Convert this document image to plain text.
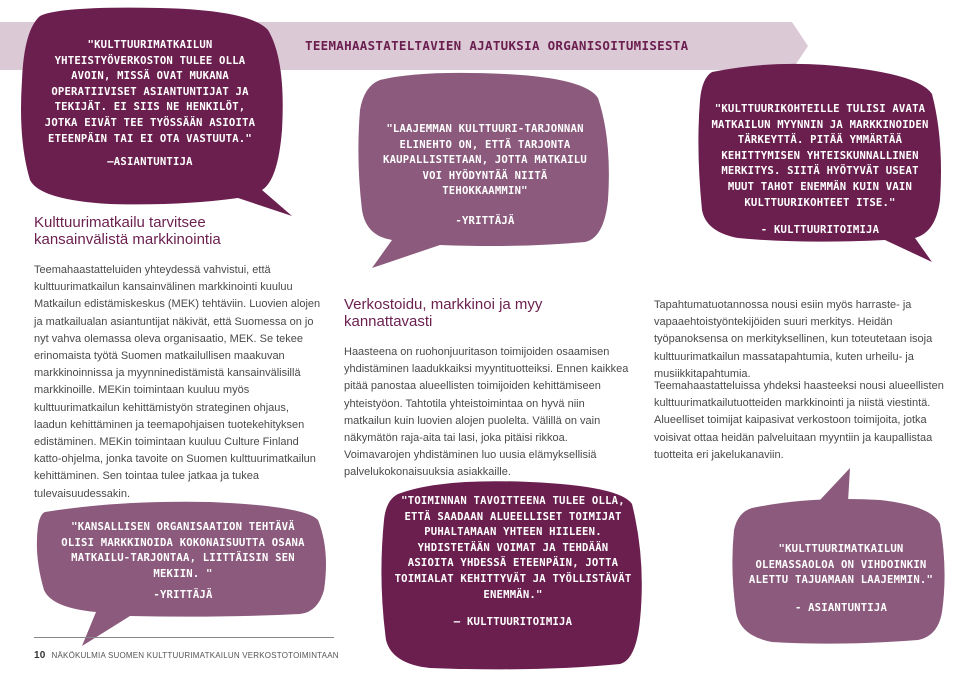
TEEMAHAASTATELTAVIEN AJATUKSIA ORGANISOITUMISESTA
"KULTTUURIMATKAILUN YHTEISTYÖVERKOSTON TULEE OLLA AVOIN, MISSÄ OVAT MUKANA OPERATIIVISET ASIANTUNTIJAT JA TEKIJÄT. EI SIIS NE HENKILÖT, JOTKA EIVÄT TEE TYÖSSÄÄN ASIOITA ETEENPÄIN TAI EI OTA VASTUUTA."
–ASIANTUNTIJA
"LAAJEMMAN KULTTUURI-TARJONNAN ELINEHTO ON, ETTÄ TARJONTA KAUPALLISTETAAN, JOTTA MATKAILU VOI HYÖDYNTÄÄ NIITÄ TEHOKKAAMMIN"
-YRITTÄJÄ
"KULTTUURIKOHTEILLE TULISI AVATA MATKAILUN MYYNNIN JA MARKKINOIDEN TÄRKEYTTÄ. PITÄÄ YMMÄRTÄÄ KEHITTYMISEN YHTEISKUNNALLINEN MERKITYS. SIITÄ HYÖTYVÄT USEAT MUUT TAHOT ENEMMÄN KUIN VAIN KULTTUURIKOHTEET ITSE."
- KULTTUURITOIMIJA
"KANSALLISEN ORGANISAATION TEHTÄVÄ OLISI MARKKINOIDA KOKONAISUUTTA OSANA MATKAILU-TARJONTAA, LIITTÄISIN SEN MEKIIN. "
-YRITTÄJÄ
"TOIMINNAN TAVOITTEENA TULEE OLLA, ETTÄ SAADAAN ALUEELLISET TOIMIJAT PUHALTAMAAN YHTEEN HIILEEN. YHDISTETÄÄN VOIMAT JA TEHDÄÄN ASIOITA YHDESSÄ ETEENPÄIN, JOTTA TOIMIALAT KEHITTYVÄT JA TYÖLLISTÄVÄT ENEMMÄN."
– KULTTUURITOIMIJA
"KULTTUURIMATKAILUN OLEMASSAOLOA ON VIHDOINKIN ALETTU TAJUAMAAN LAAJEMMIN."
- ASIANTUNTIJA
Kulttuurimatkailu tarvitsee kansainvälistä markkinointia
Teemahaastatteluiden yhteydessä vahvistui, että kulttuurimatkailun kansainvälinen markkinointi kuuluu Matkailun edistämiskeskus (MEK) tehtäviin. Luovien alojen ja matkailualan asiantuntijat näkivät, että Suomessa on jo nyt vahva olemassa oleva organisaatio, MEK. Se tekee erinomaista työtä Suomen matkailullisen maakuvan markkinoinnissa ja myynninedistämistä kansainvälisillä markkinoille. MEKin toimintaan kuuluu myös kulttuurimatkailun kehittämistyön strateginen ohjaus, laadun kehittäminen ja teemapohjaisen tuotekehityksen edistäminen. MEKin toimintaan kuuluu Culture Finland katto-ohjelma, jonka tavoite on Suomen kulttuurimatkailun kehittäminen. Sen tointaa tulee jatkaa ja tukea tulevaisuudessakin.
Verkostoidu, markkinoi ja myy kannattavasti
Haasteena on ruohonjuuritason toimijoiden osaamisen yhdistäminen laadukkaiksi myyntituotteiksi. Ennen kaikkea pitää panostaa alueellisten toimijoiden kehittämiseen yhteistyöon. Tahtotila yhteistoimintaa on hyvä niin matkailun kuin luovien alojen puolelta. Välillä on vain näkymätön raja-aita tai lasi, joka pitäisi rikkoa. Voimavarojen yhdistäminen luo uusia elämyksellisiä palvelukokonaisuuksia asiakkaille.
Tapahtumatuotannossa nousi esiin myös harraste- ja vapaaehtoistyöntekijöiden suuri merkitys. Heidän työpanoksensa on merkityksellinen, kun toteutetaan isoja kulttuurimatkailun massatapahtumia, kuten urheilu- ja musiikkitapahtumia.
Teemahaastatteluissa yhdeksi haasteeksi nousi alueellisten kulttuurimatkailutuotteiden markkinointi ja niistä viestintä. Alueelliset toimijat kaipasivat verkostoon toimijoita, jotka voisivat ottaa heidän palveluitaan myyntiin ja kaupallistaa tuotteita eri jakelukanaviin.
10 NÄKÖKULMIA SUOMEN KULTTUURIMATKAILUN VERKOSTOTOIMINTAAN
